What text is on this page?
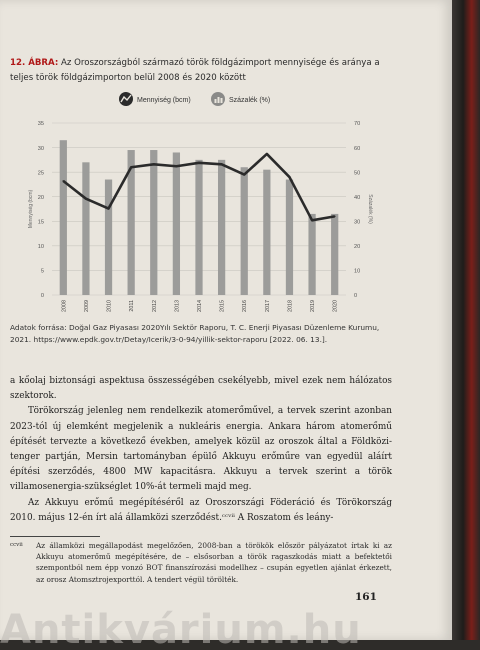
12. ÁBRA: Az Oroszországból származó török földgázimport mennyisége és aránya a teljes török földgázimporton belül 2008 és 2020 között
Mennyiség (bcm)	Százalék (%)
0
5
10
15
20
25
30
35
0
10
20
30
40
50
60
70
Mennyiség (bcm)	Százalék (%)
2008	2009	2010	2011	2012	2013	2014	2015	2016	2017	2018	2019	2020
Adatok forrása: Doğal Gaz Piyasası 2020Yılı Sektör Raporu, T. C. Enerji Piyasası Düzenleme Kurumu, 2021. https://www.epdk.gov.tr/Detay/Icerik/3-0-94/yillik-sektor-raporu [2022. 06. 13.].

a kőolaj biztonsági aspektusa összességében csekélyebb, mivel ezek nem hálózatos szektorok.

Törökország jelenleg nem rendelkezik atomerőművel, a tervek szerint azonban 2023-tól új elemként megjelenik a nukleáris energia. Ankara három atomerőmű építését tervezte a következő években, amelyek közül az oroszok által a Földközi-tenger partján, Mersin tartományban épülő Akkuyu erőműre van egyedül aláírt építési szerződés, 4800 MW kapacitásra. Akkuyu a tervek szerint a török villamosenergia-szükséglet 10%-át termeli majd meg.

Az Akkuyu erőmű megépítéséről az Oroszországi Föderáció és Törökország 2010. május 12-én írt alá államközi szerződést.ᶜᶜᵛⁱⁱ A Roszatom és leány-

ccvii Az államközi megállapodást megelőzően, 2008-ban a törökök először pályázatot írtak ki az Akkuyu atomerőmű megépítésére, de – elsősorban a török ragaszkodás miatt a befektetői szempontból nem épp vonzó BOT finanszírozási modellhez – csupán egyetlen ajánlat érkezett, az orosz Atomsztrojexporttól. A tendert végül törölték.
161
Antikvárium.hu
